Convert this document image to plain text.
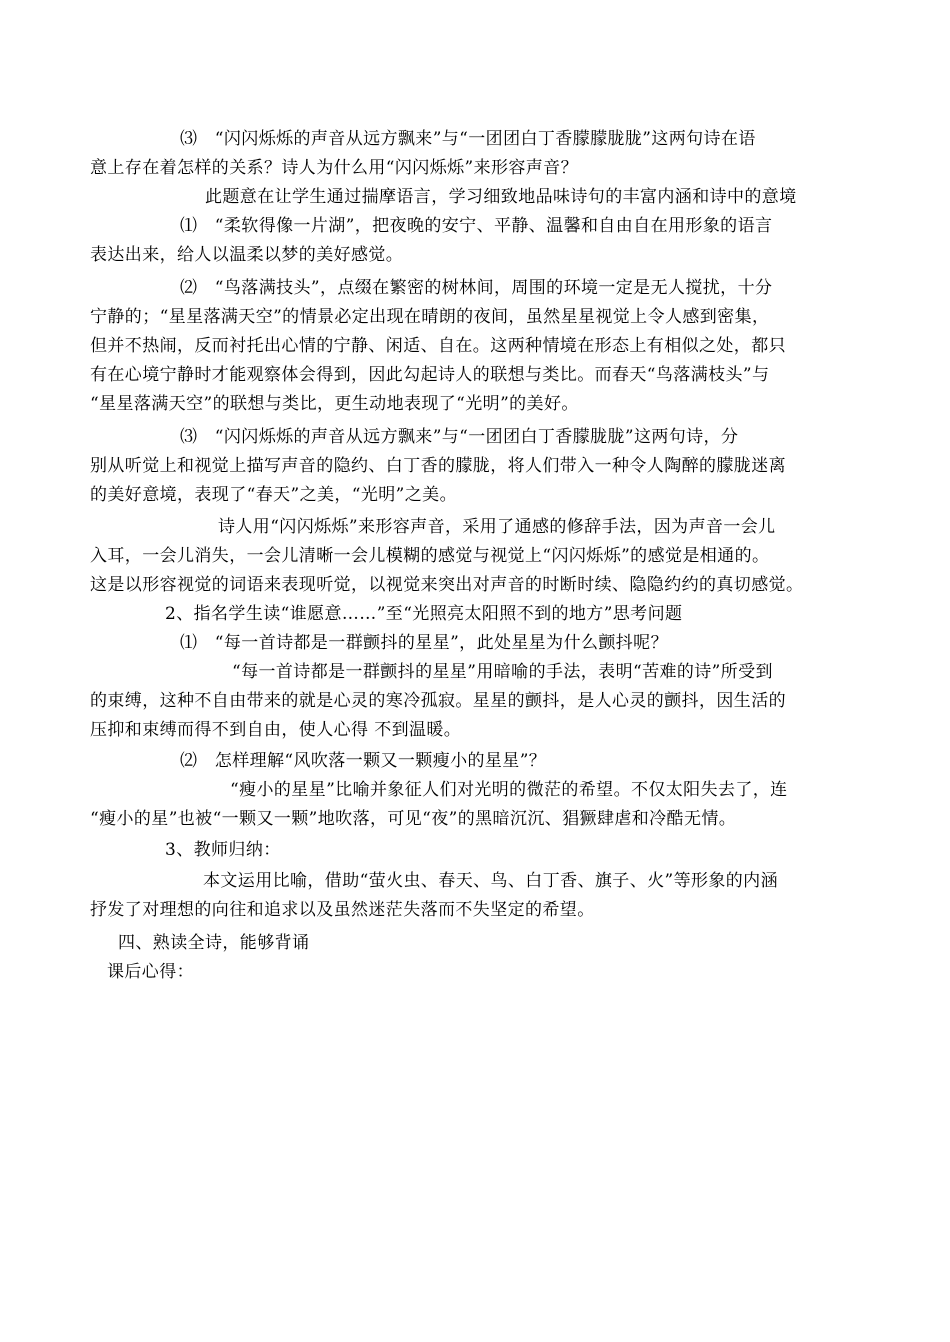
⑶　“闪闪烁烁的声音从远方飘来”与“一团团白丁香朦朦胧胧”这两句诗在语
意上存在着怎样的关系？诗人为什么用“闪闪烁烁”来形容声音？
此题意在让学生通过揣摩语言，学习细致地品味诗句的丰富内涵和诗中的意境
⑴　“柔软得像一片湖”，把夜晚的安宁、平静、温馨和自由自在用形象的语言
表达出来，给人以温柔以梦的美好感觉。
⑵　“鸟落满技头”，点缀在繁密的树林间，周围的环境一定是无人搅扰，十分
宁静的；“星星落满天空”的情景必定出现在晴朗的夜间，虽然星星视觉上令人感到密集，
但并不热闹，反而衬托出心情的宁静、闲适、自在。这两种情境在形态上有相似之处，都只
有在心境宁静时才能观察体会得到，因此勾起诗人的联想与类比。而春天“鸟落满枝头”与
“星星落满天空”的联想与类比，更生动地表现了“光明”的美好。
⑶　“闪闪烁烁的声音从远方飘来”与“一团团白丁香朦胧胧”这两句诗，分
别从听觉上和视觉上描写声音的隐约、白丁香的朦胧，将人们带入一种令人陶醉的朦胧迷离
的美好意境，表现了“春天”之美，“光明”之美。
诗人用“闪闪烁烁”来形容声音，采用了通感的修辞手法，因为声音一会儿
入耳，一会儿消失，一会儿清晰一会儿模糊的感觉与视觉上“闪闪烁烁”的感觉是相通的。
这是以形容视觉的词语来表现听觉，以视觉来突出对声音的时断时续、隐隐约约的真切感觉。
2、指名学生读“谁愿意……”至“光照亮太阳照不到的地方”思考问题
⑴　“每一首诗都是一群颤抖的星星”，此处星星为什么颤抖呢？
“每一首诗都是一群颤抖的星星”用暗喻的手法，表明“苦难的诗”所受到
的束缚，这种不自由带来的就是心灵的寒冷孤寂。星星的颤抖，是人心灵的颤抖，因生活的
压抑和束缚而得不到自由，使人心得 不到温暖。
⑵　怎样理解“风吹落一颗又一颗瘦小的星星”？
“瘦小的星星”比喻并象征人们对光明的微茫的希望。不仅太阳失去了，连
“瘦小的星”也被“一颗又一颗”地吹落，可见“夜”的黑暗沉沉、猖獗肆虐和冷酷无情。
3、教师归纳：
本文运用比喻，借助“萤火虫、春天、鸟、白丁香、旗子、火”等形象的内涵
抒发了对理想的向往和追求以及虽然迷茫失落而不失坚定的希望。
四、熟读全诗，能够背诵
课后心得：
